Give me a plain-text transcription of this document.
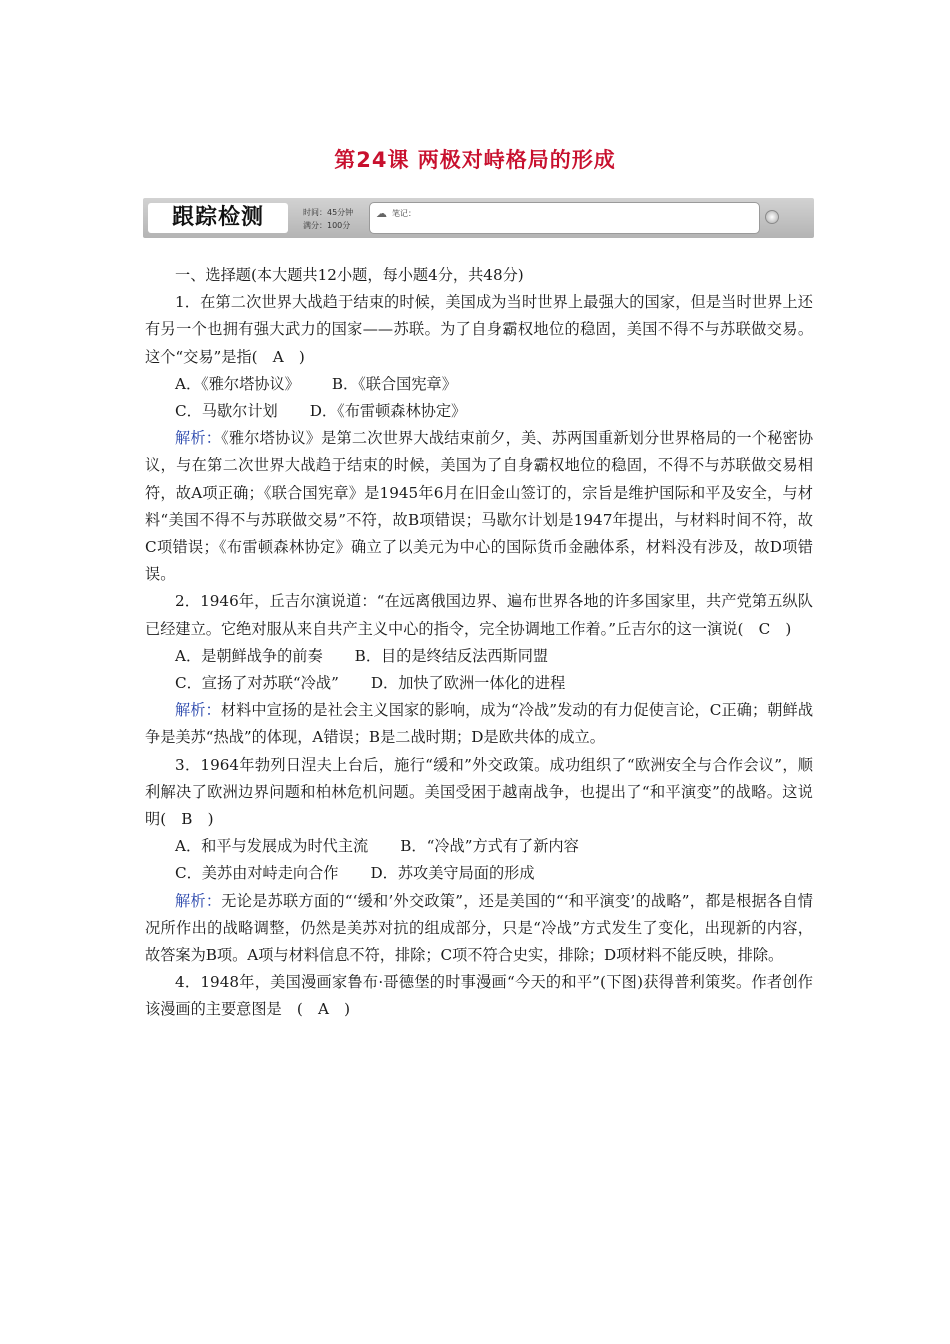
第24课 两极对峙格局的形成
跟踪检测	时间：45分钟
满分：100分
☁ 笔记：

一、选择题(本大题共12小题，每小题4分，共48分)

1．在第二次世界大战趋于结束的时候，美国成为当时世界上最强大的国家，但是当时世界上还有另一个也拥有强大武力的国家——苏联。为了自身霸权地位的稳固，美国不得不与苏联做交易。这个“交易”是指(　A　)

A．《雅尔塔协议》 B．《联合国宪章》

C．马歇尔计划 D．《布雷顿森林协定》

解析：《雅尔塔协议》是第二次世界大战结束前夕，美、苏两国重新划分世界格局的一个秘密协议，与在第二次世界大战趋于结束的时候，美国为了自身霸权地位的稳固，不得不与苏联做交易相符，故A项正确；《联合国宪章》是1945年6月在旧金山签订的，宗旨是维护国际和平及安全，与材料“美国不得不与苏联做交易”不符，故B项错误；马歇尔计划是1947年提出，与材料时间不符，故C项错误；《布雷顿森林协定》确立了以美元为中心的国际货币金融体系，材料没有涉及，故D项错误。

2．1946年，丘吉尔演说道：“在远离俄国边界、遍布世界各地的许多国家里，共产党第五纵队已经建立。它绝对服从来自共产主义中心的指令，完全协调地工作着。”丘吉尔的这一演说(　C　)

A．是朝鲜战争的前奏 B．目的是终结反法西斯同盟

C．宣扬了对苏联“冷战” D．加快了欧洲一体化的进程

解析：材料中宣扬的是社会主义国家的影响，成为“冷战”发动的有力促使言论，C正确；朝鲜战争是美苏“热战”的体现，A错误；B是二战时期；D是欧共体的成立。

3．1964年勃列日涅夫上台后，施行“缓和”外交政策。成功组织了“欧洲安全与合作会议”，顺利解决了欧洲边界问题和柏林危机问题。美国受困于越南战争，也提出了“和平演变”的战略。这说明(　B　)

A．和平与发展成为时代主流 B．“冷战”方式有了新内容

C．美苏由对峙走向合作 D．苏攻美守局面的形成

解析：无论是苏联方面的“‘缓和’外交政策”，还是美国的“‘和平演变’的战略”，都是根据各自情况所作出的战略调整，仍然是美苏对抗的组成部分，只是“冷战”方式发生了变化，出现新的内容，故答案为B项。A项与材料信息不符，排除；C项不符合史实，排除；D项材料不能反映，排除。

4．1948年，美国漫画家鲁布·哥德堡的时事漫画“今天的和平”(下图)获得普利策奖。作者创作该漫画的主要意图是　(　A　)
